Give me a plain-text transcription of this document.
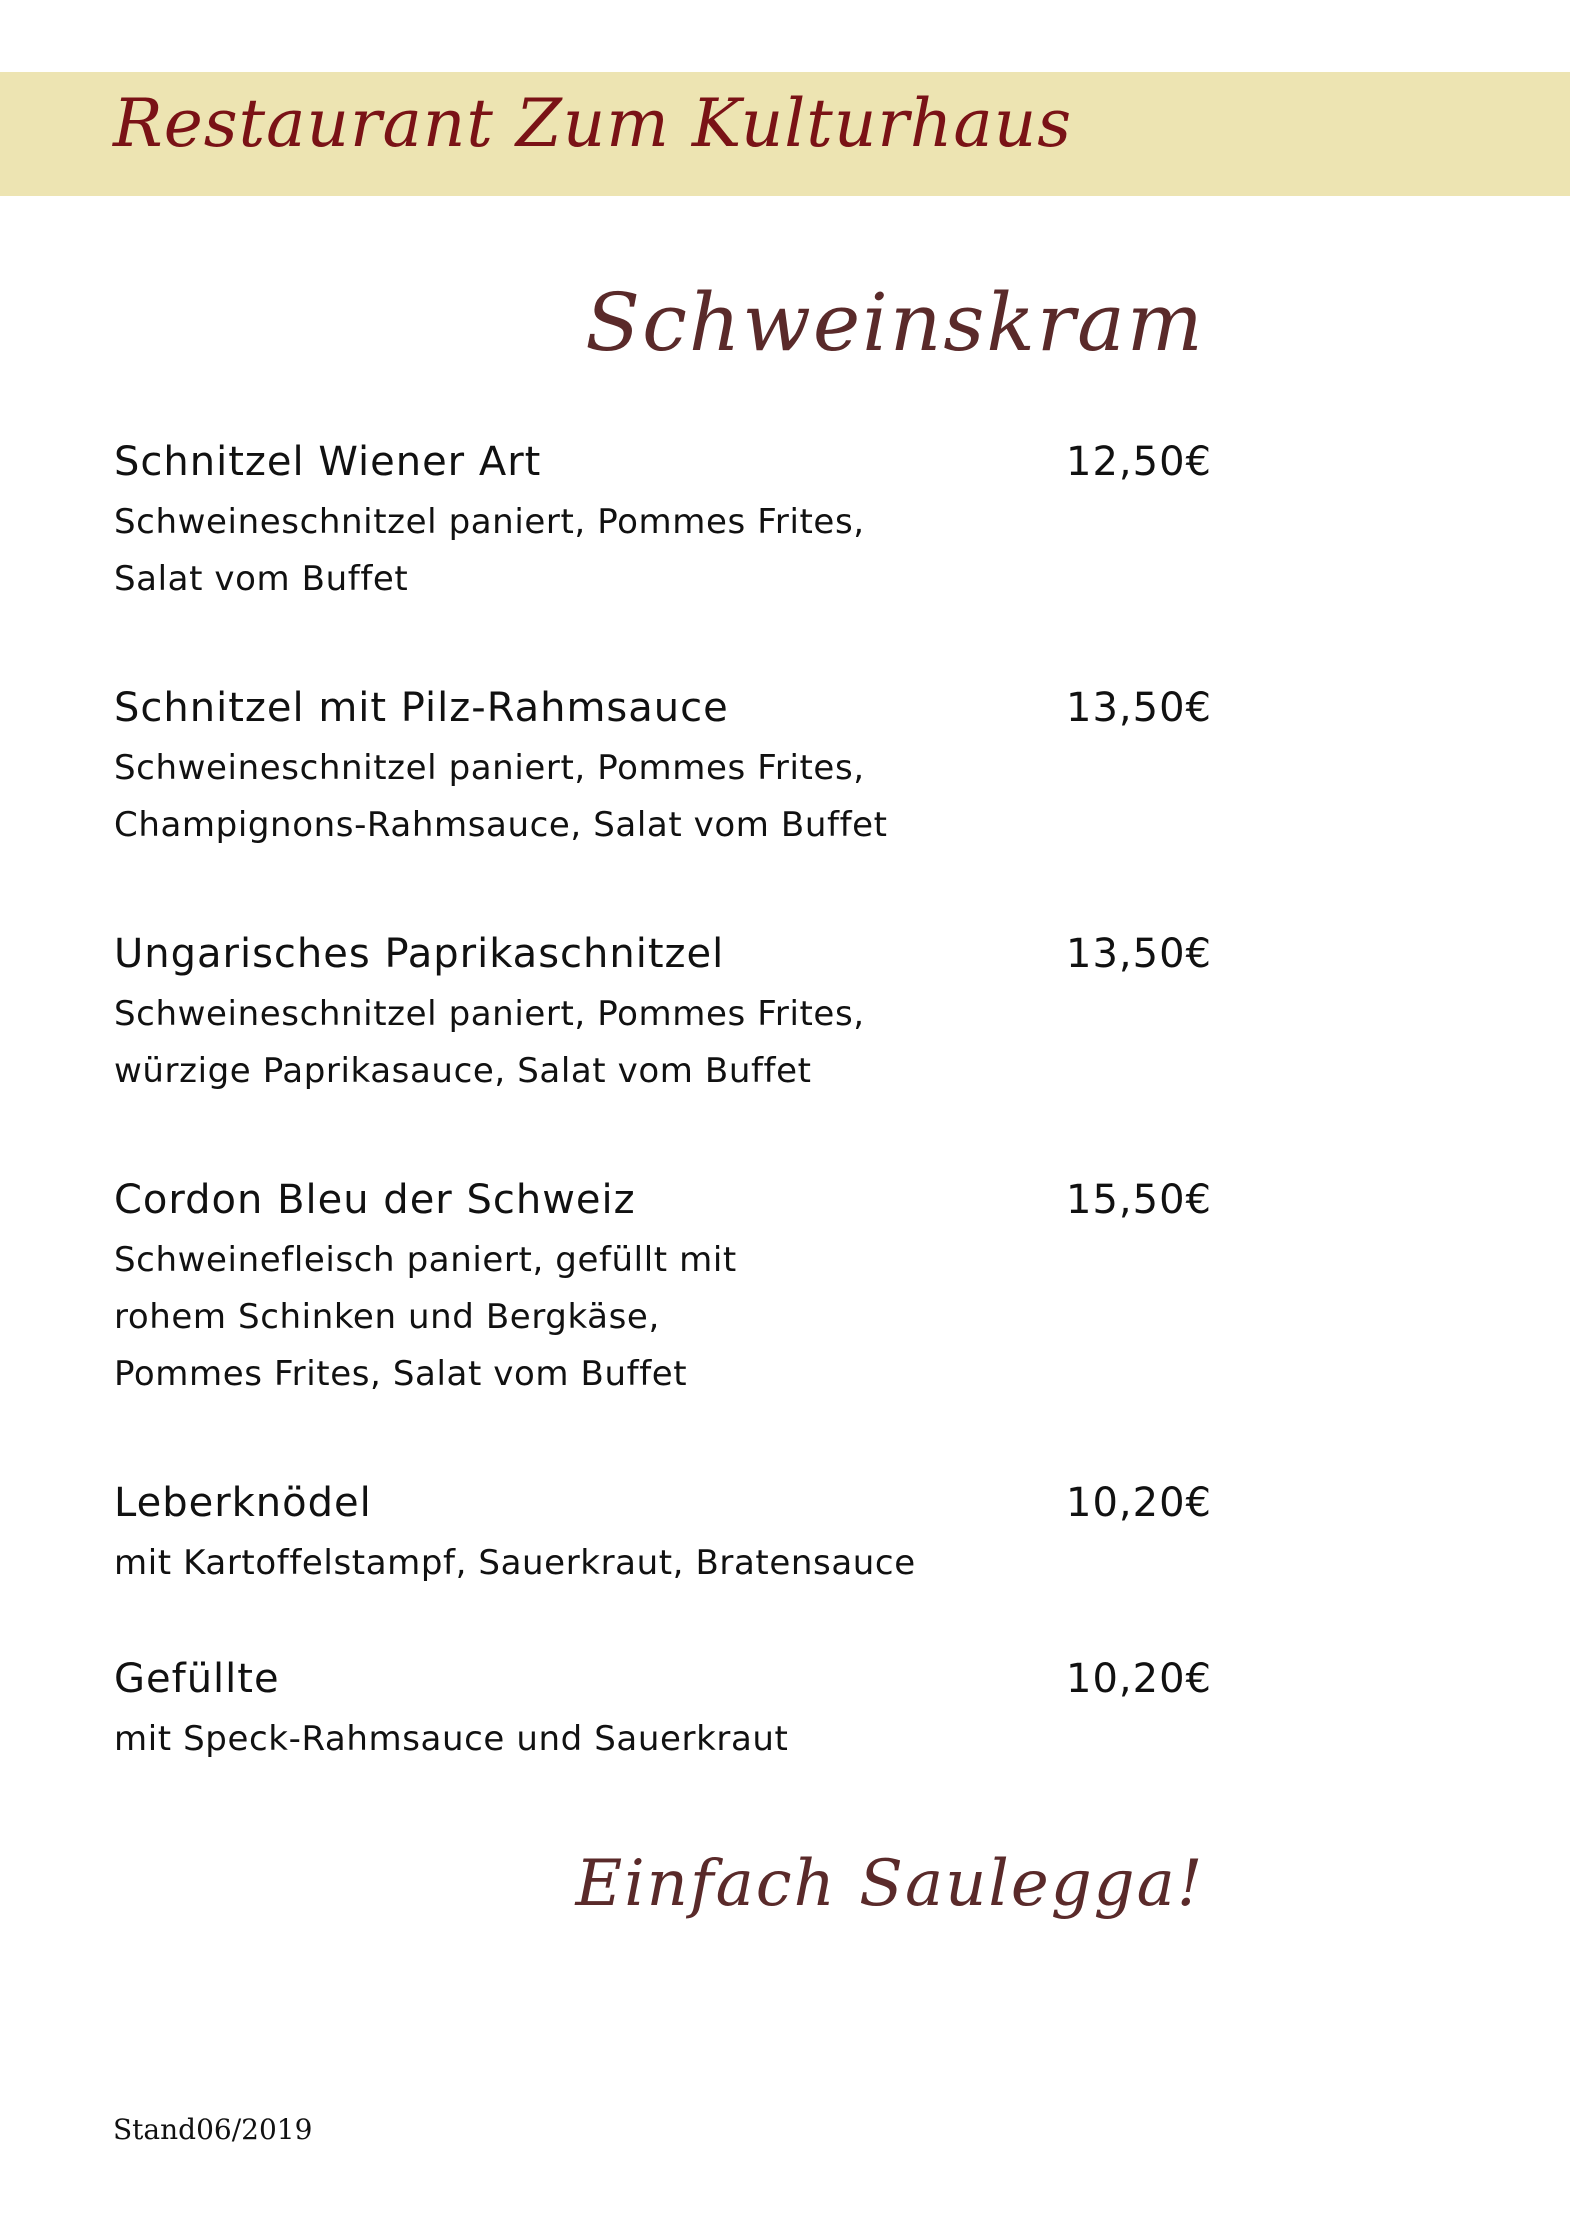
Restaurant Zum Kulturhaus
Schweinskram
Schnitzel Wiener Art	12,50€
Schweineschnitzel paniert, Pommes Frites,
Salat vom Buffet
Schnitzel mit Pilz-Rahmsauce	13,50€
Schweineschnitzel paniert, Pommes Frites,
Champignons-Rahmsauce, Salat vom Buffet
Ungarisches Paprikaschnitzel	13,50€
Schweineschnitzel paniert, Pommes Frites,
würzige Paprikasauce, Salat vom Buffet
Cordon Bleu der Schweiz	15,50€
Schweinefleisch paniert, gefüllt mit
rohem Schinken und Bergkäse,
Pommes Frites, Salat vom Buffet
Leberknödel	10,20€
mit Kartoffelstampf, Sauerkraut, Bratensauce
Gefüllte	10,20€
mit Speck-Rahmsauce und Sauerkraut
Einfach Saulegga!
Stand06/2019
